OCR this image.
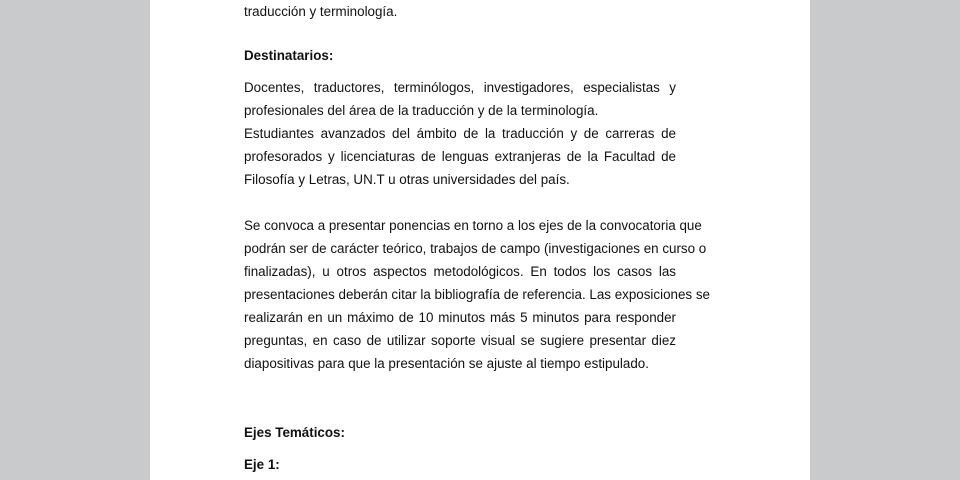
traducción y terminología.
Destinatarios:
Docentes, traductores, terminólogos, investigadores, especialistas y
profesionales del área de la traducción y de la terminología.
Estudiantes avanzados del ámbito de la traducción y de carreras de
profesorados y licenciaturas de lenguas extranjeras de la Facultad de
Filosofía y Letras, UN.T u otras universidades del país.
Se convoca a presentar ponencias en torno a los ejes de la convocatoria que
podrán ser de carácter teórico, trabajos de campo (investigaciones en curso o
finalizadas), u otros aspectos metodológicos. En todos los casos las
presentaciones deberán citar la bibliografía de referencia. Las exposiciones se
realizarán en un máximo de 10 minutos más 5 minutos para responder
preguntas, en caso de utilizar soporte visual se sugiere presentar diez
diapositivas para que la presentación se ajuste al tiempo estipulado.
Ejes Temáticos:
Eje 1:
